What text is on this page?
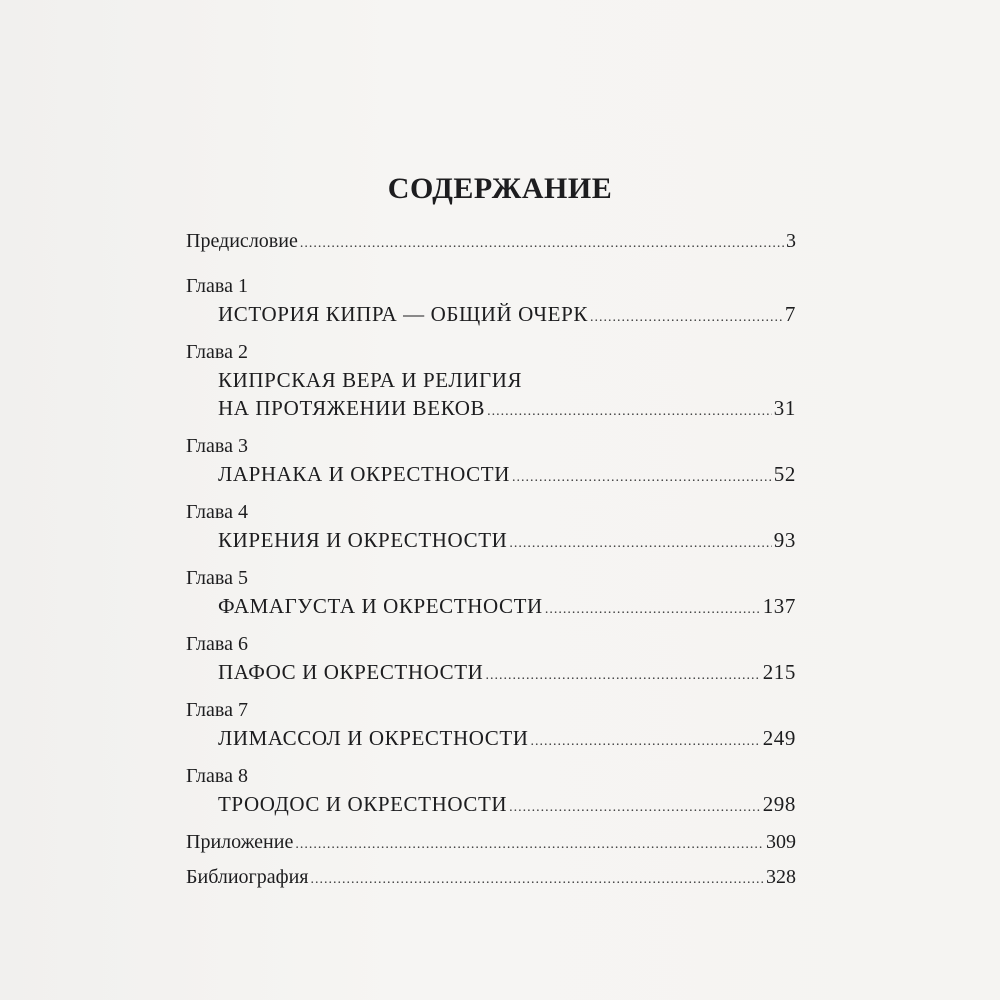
СОДЕРЖАНИЕ
Предисловие .....	3
Глава 1
ИСТОРИЯ КИПРА — ОБЩИЙ ОЧЕРК .....	7
Глава 2
КИПРСКАЯ ВЕРА И РЕЛИГИЯ
НА ПРОТЯЖЕНИИ ВЕКОВ .....	31
Глава 3
ЛАРНАКА И ОКРЕСТНОСТИ .....	52
Глава 4
КИРЕНИЯ И ОКРЕСТНОСТИ .....	93
Глава 5
ФАМАГУСТА И ОКРЕСТНОСТИ .....	137
Глава 6
ПАФОС И ОКРЕСТНОСТИ .....	215
Глава 7
ЛИМАССОЛ И ОКРЕСТНОСТИ .....	249
Глава 8
ТРООДОС И ОКРЕСТНОСТИ .....	298
Приложение .....	309
Библиография .....	328
